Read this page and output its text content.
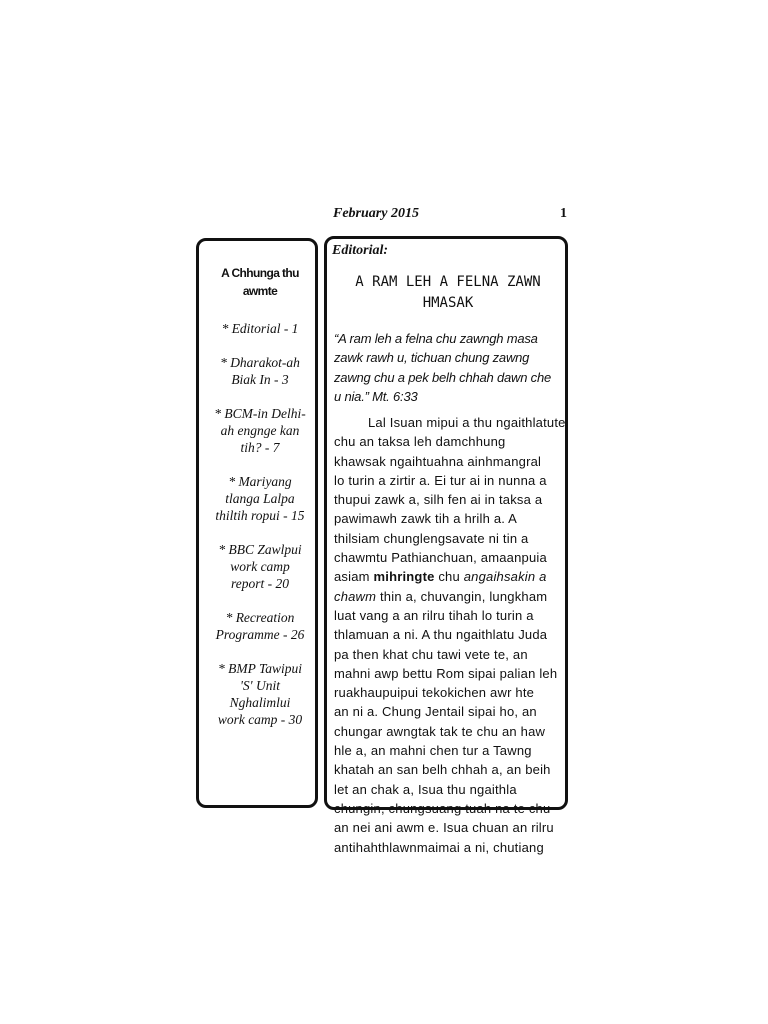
February 2015	1
A Chhunga thu
awmte
* Editorial - 1
* Dharakot-ah
Biak In - 3
* BCM-in Delhi-
ah engnge kan
tih? - 7
* Mariyang
tlanga Lalpa
thiltih ropui - 15
* BBC Zawlpui
work camp
report - 20
* Recreation
Programme - 26
* BMP Tawipui
'S' Unit
Nghalimlui
work camp - 30
Editorial:
A RAM LEH A FELNA ZAWN
HMASAK
“A ram leh a felna chu zawngh masa
zawk rawh u, tichuan chung zawng
zawng chu a pek belh chhah dawn che
u nia.” Mt. 6:33
Lal Isuan mipui a thu ngaithlatute
chu an taksa leh damchhung
khawsak ngaihtuahna ainhmangral
lo turin a zirtir a. Ei tur ai in nunna a
thupui zawk a, silh fen ai in taksa a
pawimawh zawk tih a hrilh a. A
thilsiam chunglengsavate ni tin a
chawmtu Pathianchuan, amaanpuia
asiam mihringte chu angaihsakin a
chawm thin a, chuvangin, lungkham
luat vang a an rilru tihah lo turin a
thlamuan a ni. A thu ngaithlatu Juda
pa then khat chu tawi vete te, an
mahni awp bettu Rom sipai palian leh
ruakhaupuipui tekokichen awr hte
an ni a. Chung Jentail sipai ho, an
chungar awngtak tak te chu an haw
hle a, an mahni chen tur a Tawng
khatah an san belh chhah a, an beih
let an chak a, Isua thu ngaithla
chungin, chungsuang tuah na te chu
an nei ani awm e. Isua chuan an rilru
antihahthlawnmaimai a ni, chutiang
